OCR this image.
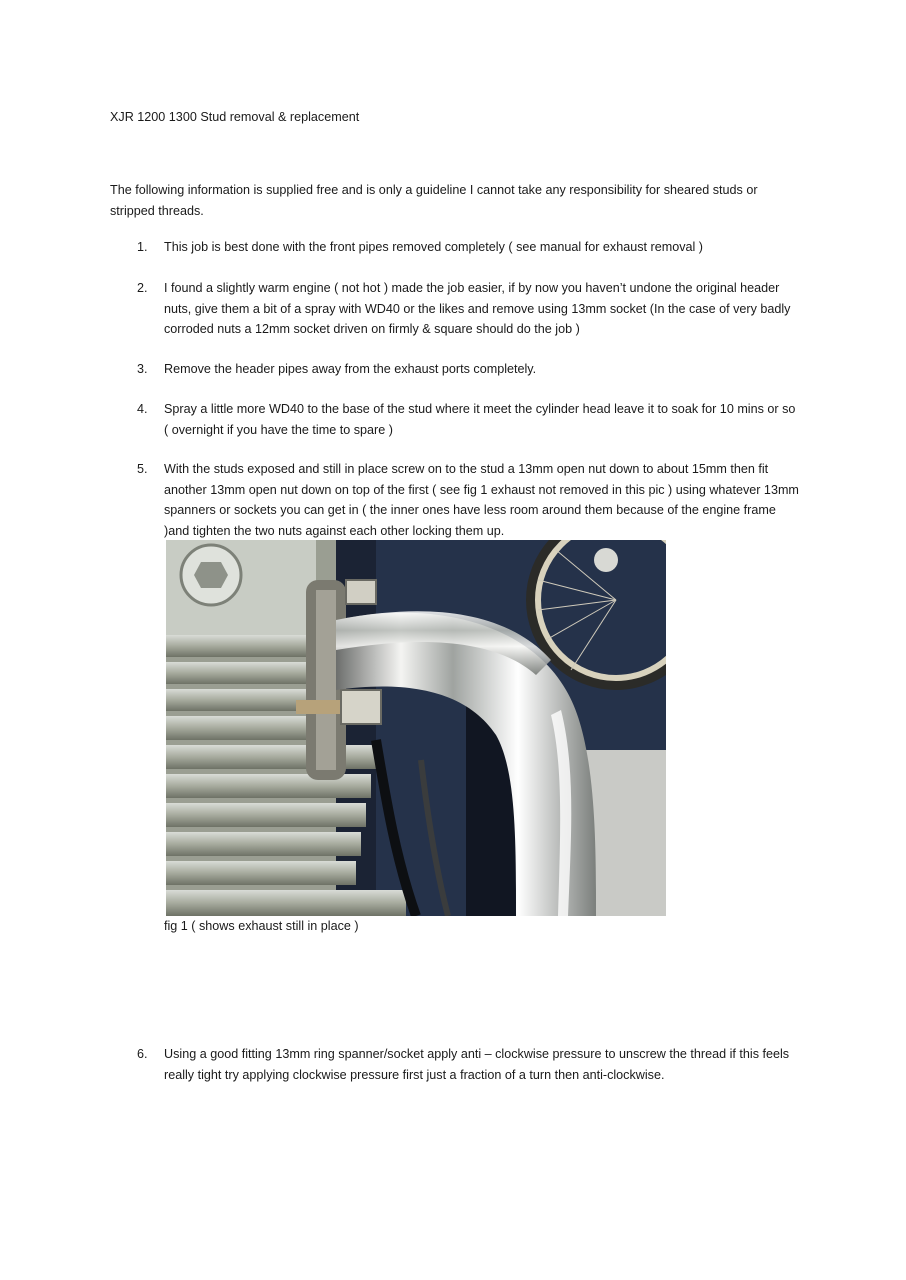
XJR 1200 1300 Stud removal & replacement
The following information is supplied free and is only a guideline I cannot take any responsibility for sheared studs or stripped threads.
1.	This job is best done with the front pipes removed completely ( see manual for exhaust removal )
2.	I found a slightly warm engine ( not hot ) made the job easier, if by now you haven’t undone the original header nuts, give them a bit of a spray with WD40 or the likes and remove using 13mm socket (In the case of very badly corroded nuts a 12mm socket driven on firmly & square should do the job )
3.	Remove the header pipes away from the exhaust ports completely.
4.	Spray a little more WD40 to the base of the stud where it meet the cylinder head leave it to soak for 10 mins or so ( overnight if you have the time to spare )
5.	With the studs exposed and still in place screw on to the stud a 13mm open nut down to about 15mm then fit another 13mm open nut down on top of the first ( see fig 1 exhaust not removed in this pic ) using whatever 13mm spanners or sockets you can get in ( the inner ones have less room around them because of the engine frame )and tighten the two nuts against each other locking them up.
fig 1 ( shows exhaust still in place )
6.	Using a good fitting 13mm ring spanner/socket apply anti – clockwise pressure to unscrew the thread if this feels really tight try applying clockwise pressure first just a fraction of a turn then anti-clockwise.
